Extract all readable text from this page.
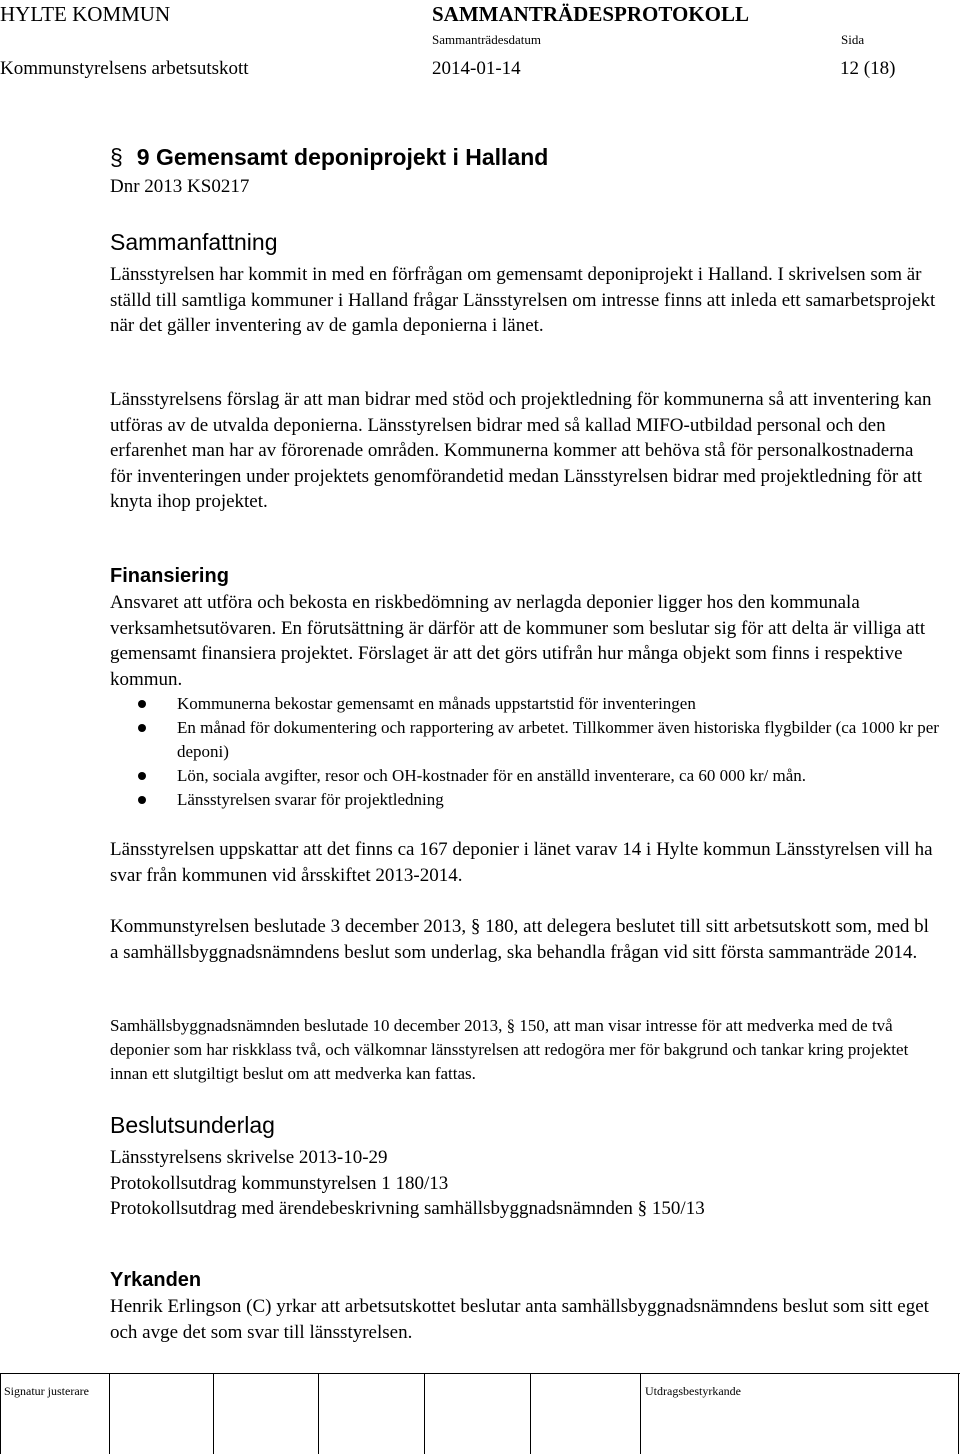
HYLTE KOMMUN	SAMMANTRÄDESPROTOKOLL
Sammanträdesdatum	Sida
Kommunstyrelsens arbetsutskott	2014-01-14	12 (18)
§ 9 Gemensamt deponiprojekt i Halland
Dnr 2013 KS0217
Sammanfattning
Länsstyrelsen har kommit in med en förfrågan om gemensamt deponiprojekt i Halland. I skrivelsen som är ställd till samtliga kommuner i Halland frågar Länsstyrelsen om intresse finns att inleda ett samarbetsprojekt när det gäller inventering av de gamla deponierna i länet.
Länsstyrelsens förslag är att man bidrar med stöd och projektledning för kommunerna så att inventering kan utföras av de utvalda deponierna. Länsstyrelsen bidrar med så kallad MIFO-utbildad personal och den erfarenhet man har av förorenade områden. Kommunerna kommer att behöva stå för personalkostnaderna för inventeringen under projektets genomförandetid medan Länsstyrelsen bidrar med projektledning för att knyta ihop projektet.
Finansiering
Ansvaret att utföra och bekosta en riskbedömning av nerlagda deponier ligger hos den kommunala verksamhetsutövaren. En förutsättning är därför att de kommuner som beslutar sig för att delta är villiga att gemensamt finansiera projektet. Förslaget är att det görs utifrån hur många objekt som finns i respektive kommun.
Kommunerna bekostar gemensamt en månads uppstartstid för inventeringen
En månad för dokumentering och rapportering av arbetet. Tillkommer även historiska flygbilder (ca 1000 kr per deponi)
Lön, sociala avgifter, resor och OH-kostnader för en anställd inventerare, ca 60 000 kr/ mån.
Länsstyrelsen svarar för projektledning
Länsstyrelsen uppskattar att det finns ca 167 deponier i länet varav 14 i Hylte kommun Länsstyrelsen vill ha svar från kommunen vid årsskiftet 2013-2014.
Kommunstyrelsen beslutade 3 december 2013, § 180, att delegera beslutet till sitt arbetsutskott som, med bl a samhällsbyggnadsnämndens beslut som underlag, ska behandla frågan vid sitt första sammanträde 2014.
Samhällsbyggnadsnämnden beslutade 10 december 2013, § 150, att man visar intresse för att medverka med de två deponier som har riskklass två, och välkomnar länsstyrelsen att redogöra mer för bakgrund och tankar kring projektet innan ett slutgiltigt beslut om att medverka kan fattas.
Beslutsunderlag
Länsstyrelsens skrivelse 2013-10-29
Protokollsutdrag kommunstyrelsen 1 180/13
Protokollsutdrag med ärendebeskrivning samhällsbyggnadsnämnden § 150/13
Yrkanden
Henrik Erlingson (C) yrkar att arbetsutskottet beslutar anta samhällsbyggnadsnämndens beslut som sitt eget och avge det som svar till länsstyrelsen.
Signatur justerare	Utdragsbestyrkande
